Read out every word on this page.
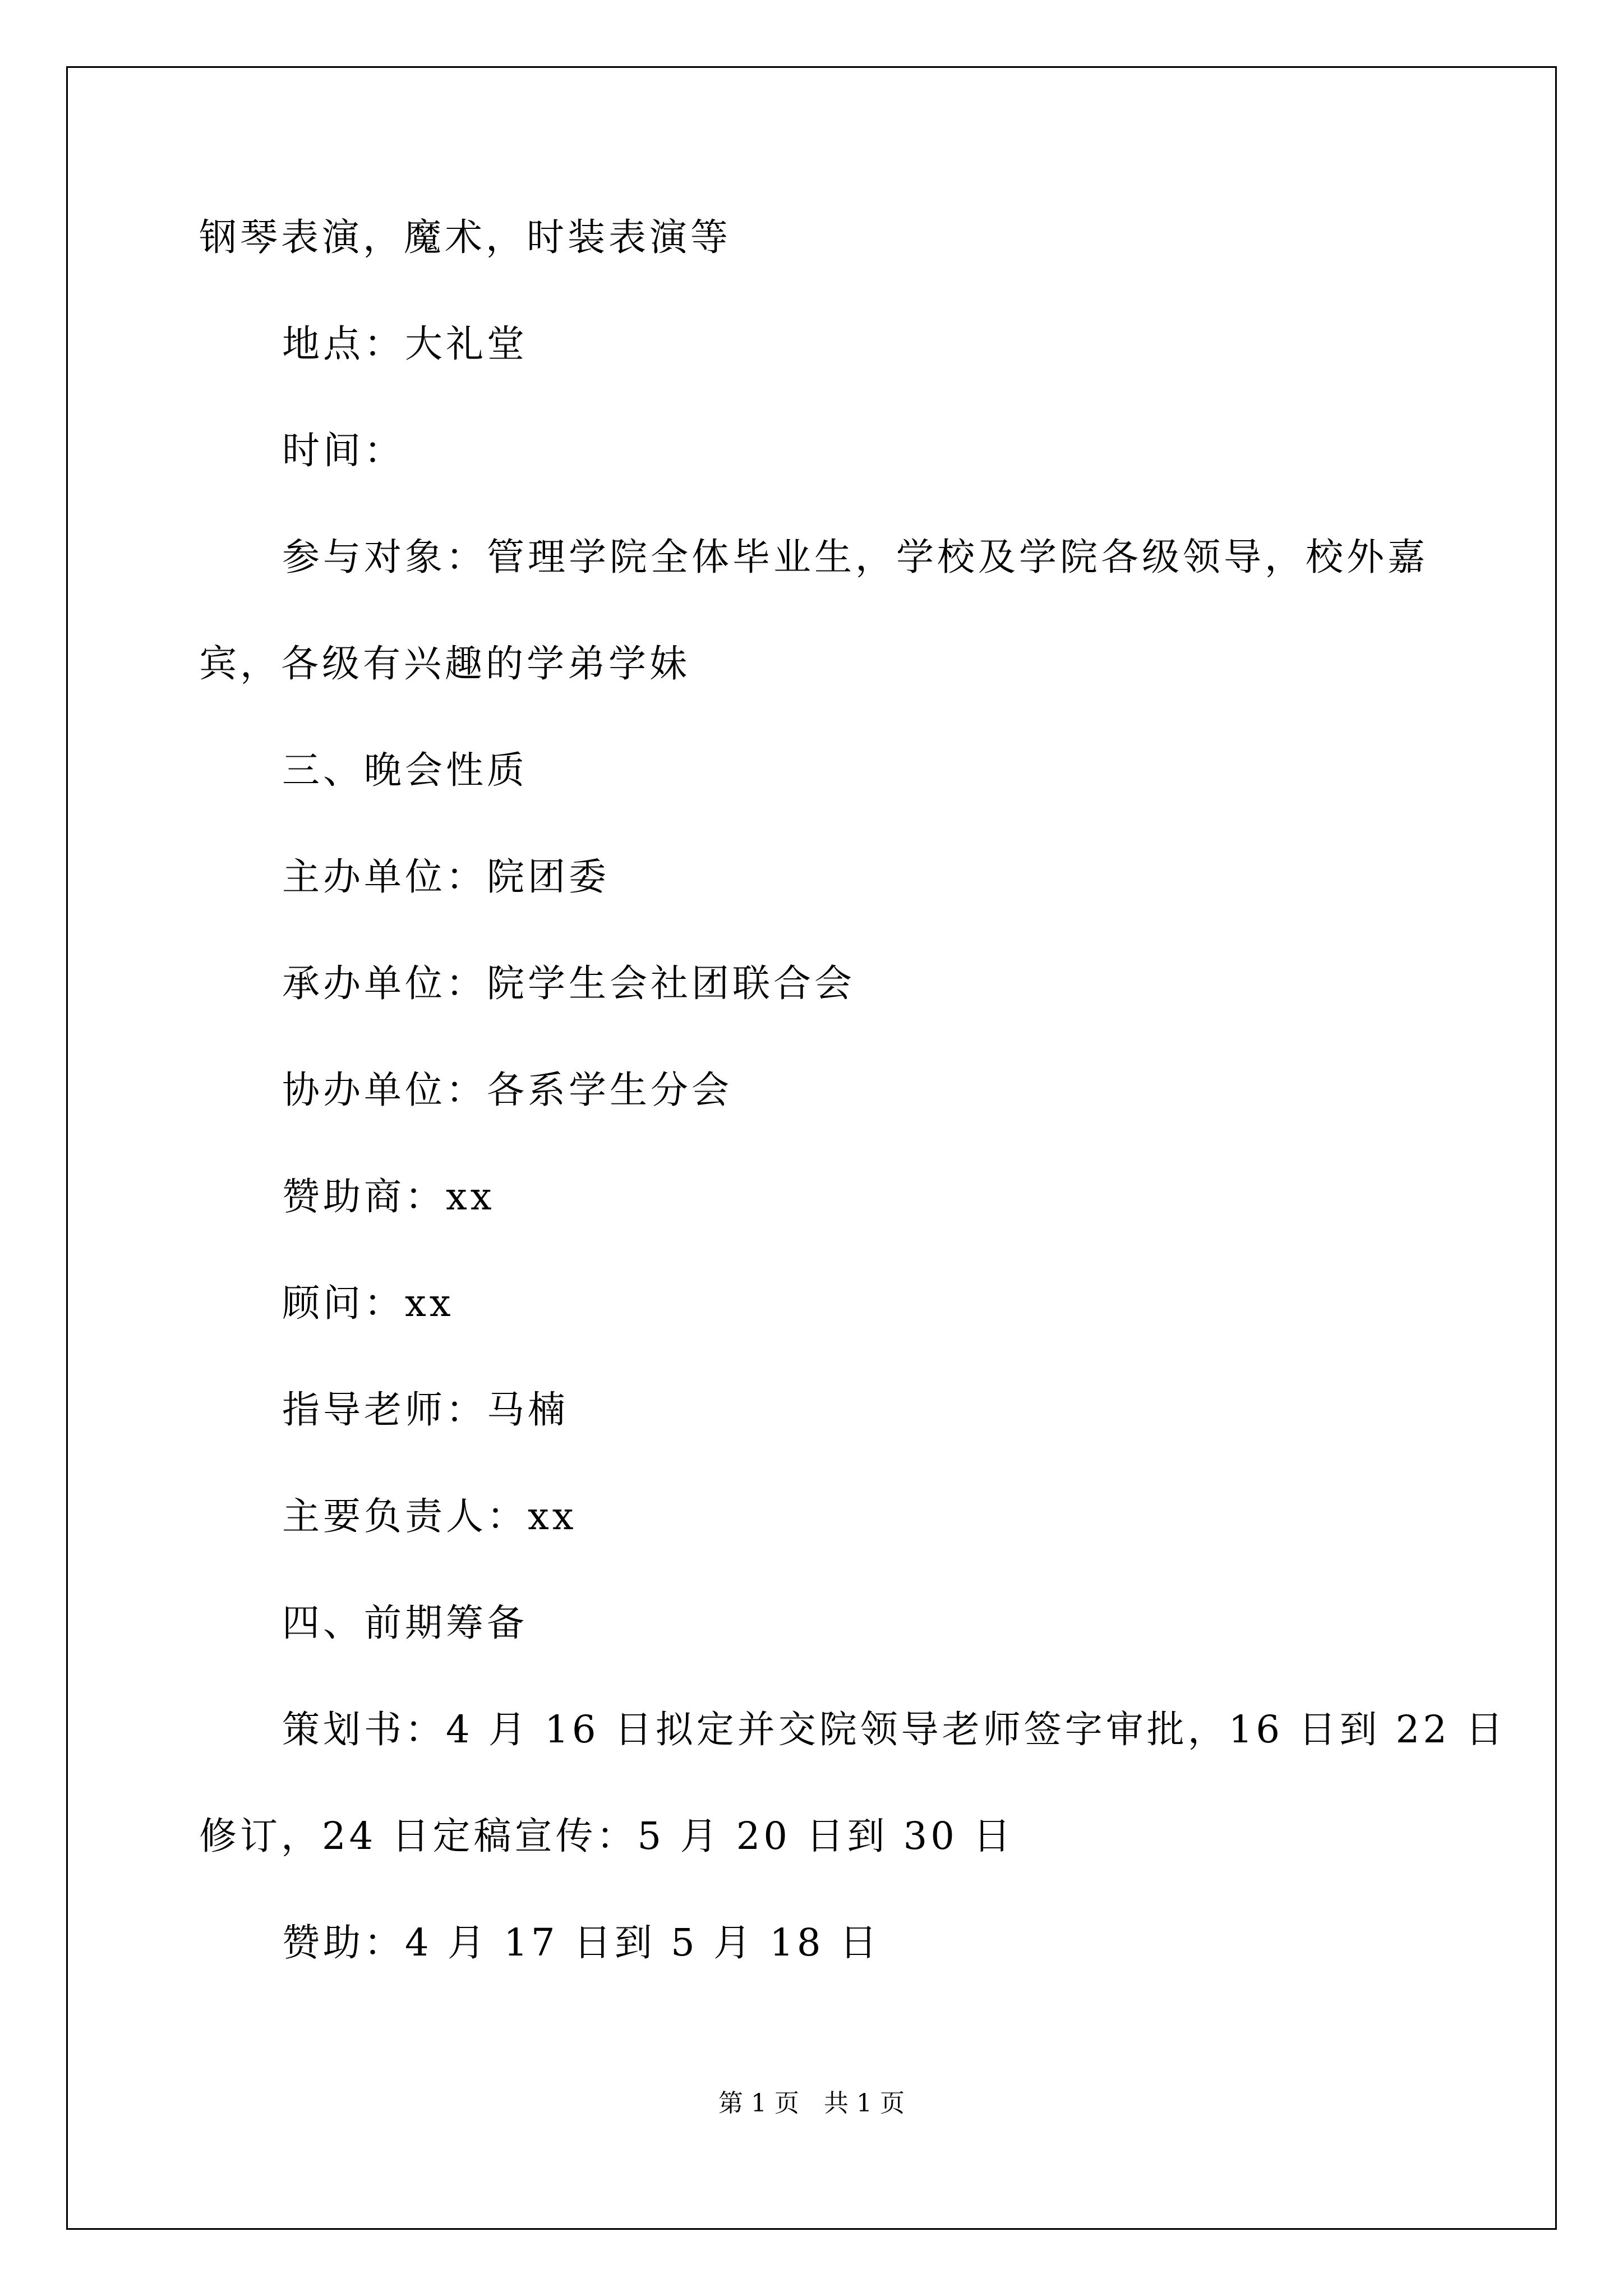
钢琴表演，魔术，时装表演等
地点：大礼堂
时间：
参与对象：管理学院全体毕业生，学校及学院各级领导，校外嘉
宾，各级有兴趣的学弟学妹
三、晚会性质
主办单位：院团委
承办单位：院学生会社团联合会
协办单位：各系学生分会
赞助商：xx
顾问：xx
指导老师：马楠
主要负责人：xx
四、前期筹备
策划书：4 月 16 日拟定并交院领导老师签字审批，16 日到 22 日
修订，24 日定稿宣传：5 月 20 日到 30 日
赞助：4 月 17 日到 5 月 18 日
第 1 页　共 1 页
